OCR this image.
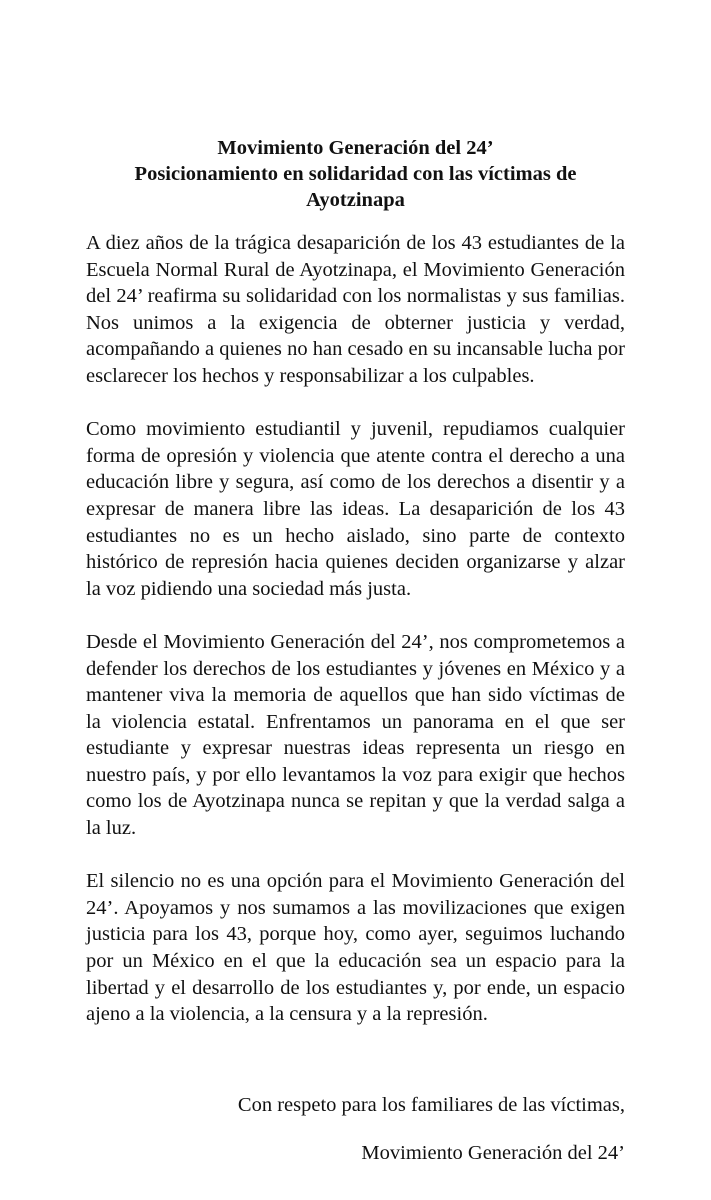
Movimiento Generación del 24’
Posicionamiento en solidaridad con las víctimas de
Ayotzinapa

A diez años de la trágica desaparición de los 43 estudiantes de la Escuela Normal Rural de Ayotzinapa, el Movimiento Generación del 24’ reafirma su solidaridad con los normalistas y sus familias. Nos unimos a la exigencia de obterner justicia y verdad, acompañando a quienes no han cesado en su incansable lucha por esclarecer los hechos y responsabilizar a los culpables.

Como movimiento estudiantil y juvenil, repudiamos cualquier forma de opresión y violencia que atente contra el derecho a una educación libre y segura, así como de los derechos a disentir y a expresar de manera libre las ideas. La desaparición de los 43 estudiantes no es un hecho aislado, sino parte de contexto histórico de represión hacia quienes deciden organizarse y alzar la voz pidiendo una sociedad más justa.

Desde el Movimiento Generación del 24’, nos comprometemos a defender los derechos de los estudiantes y jóvenes en México y a mantener viva la memoria de aquellos que han sido víctimas de la violencia estatal. Enfrentamos un panorama en el que ser estudiante y expresar nuestras ideas representa un riesgo en nuestro país, y por ello levantamos la voz para exigir que hechos como los de Ayotzinapa nunca se repitan y que la verdad salga a la luz.

El silencio no es una opción para el Movimiento Generación del 24’. Apoyamos y nos sumamos a las movilizaciones que exigen justicia para los 43, porque hoy, como ayer, seguimos luchando por un México en el que la educación sea un espacio para la libertad y el desarrollo de los estudiantes y, por ende, un espacio ajeno a la violencia, a la censura y a la represión.

Con respeto para los familiares de las víctimas,
Movimiento Generación del 24’
